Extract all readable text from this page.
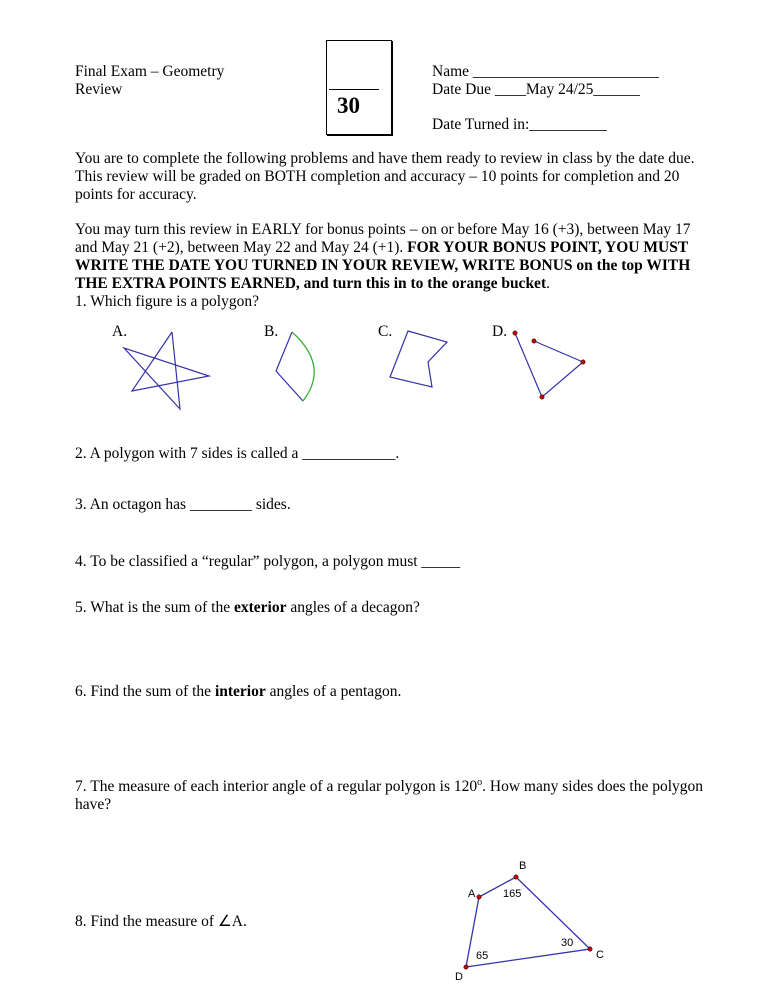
Final Exam – Geometry
Review
30
Name ________________________
Date Due ____May 24/25______
Date Turned in:__________
You are to complete the following problems and have them ready to review in class by the date due. This review will be graded on BOTH completion and accuracy – 10 points for completion and 20 points for accuracy.
You may turn this review in EARLY for bonus points – on or before May 16 (+3), between May 17 and May 21 (+2), between May 22 and May 24 (+1). FOR YOUR BONUS POINT, YOU MUST WRITE THE DATE YOU TURNED IN YOUR REVIEW, WRITE BONUS on the top WITH THE EXTRA POINTS EARNED, and turn this in to the orange bucket.
1. Which figure is a polygon?
A.	B.	C.	D.
A
B
C
D
165
30
65
2. A polygon with 7 sides is called a ____________.
3. An octagon has ________ sides.
4. To be classified a “regular” polygon, a polygon must _____
5. What is the sum of the exterior angles of a decagon?
6. Find the sum of the interior angles of a pentagon.
7. The measure of each interior angle of a regular polygon is 120$^o$. How many sides does the polygon have?
8. Find the measure of ∠A.
